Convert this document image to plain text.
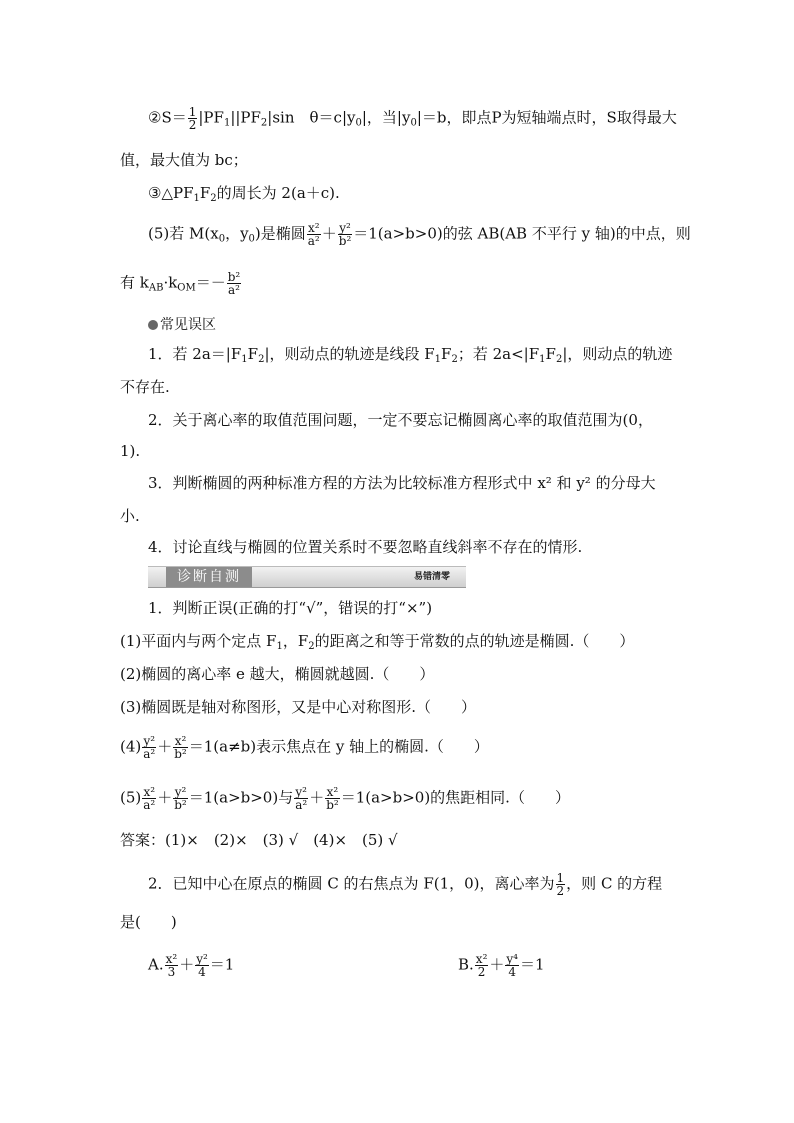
②S＝ $\frac{1}{2} |PF_1||PF_2|\sin$　$\theta=c|y_0|$，当$|y_0|=b$，即点P为短轴端点时，S取得最大
值，最大值为 bc；
$③\triangle PF_1F_2$的周长为 2(a＋c).
(5)若 $M(x_0$，$y_0$)是椭圆 $\frac{\text{x²}}{\text{a²}} + \frac{\text{y²}}{\text{b²}} =1(a>b>0)$的弦 AB(AB 不平行 y 轴)的中点，则
有 $k_{AB}\cdot k_{OM}=- \frac{\text{b²}}{\text{a²}}$
常见误区
1．若 $2a=|F_1F_2|$，则动点的轨迹是线段 $F_1F_2$；若 $2a<|F_1F_2|$，则动点的轨迹
不存在.
2．关于离心率的取值范围问题，一定不要忘记椭圆离心率的取值范围为(0，
1).
3．判断椭圆的两种标准方程的方法为比较标准方程形式中 x² 和 y² 的分母大
小.
4．讨论直线与椭圆的位置关系时不要忽略直线斜率不存在的情形.
诊断自测	易错清零
1．判断正误(正确的打“√”，错误的打“×”)
(1)平面内与两个定点 $F_1$，$F_2$的距离之和等于常数的点的轨迹是椭圆.（　　）
(2)椭圆的离心率 e 越大，椭圆就越圆.（　　）
(3)椭圆既是轴对称图形，又是中心对称图形.（　　）
$(4) \frac{\text{y²}}{\text{a²}} + \frac{\text{x²}}{\text{b²}} =1(a\ne b)$表示焦点在 y 轴上的椭圆.（　　）
$(5) \frac{\text{x²}}{\text{a²}} + \frac{\text{y²}}{\text{b²}} =1(a>b>0)$与 $\frac{\text{y²}}{\text{a²}} + \frac{\text{x²}}{\text{b²}} =1(a>b>0)$的焦距相同.（　　）
答案：(1)×　(2)×　(3) √　(4)×　(5) √
2．已知中心在原点的椭圆 C 的右焦点为 F(1，0)，离心率为 $\frac{1}{2}$ ，则 C 的方程
是(　　)
A. $\frac{\text{x²}}{3} + \frac{\text{y²}}{4} =1$	B. $\frac{\text{x²}}{2} + \frac{\text{y⁴}}{4} =1$
